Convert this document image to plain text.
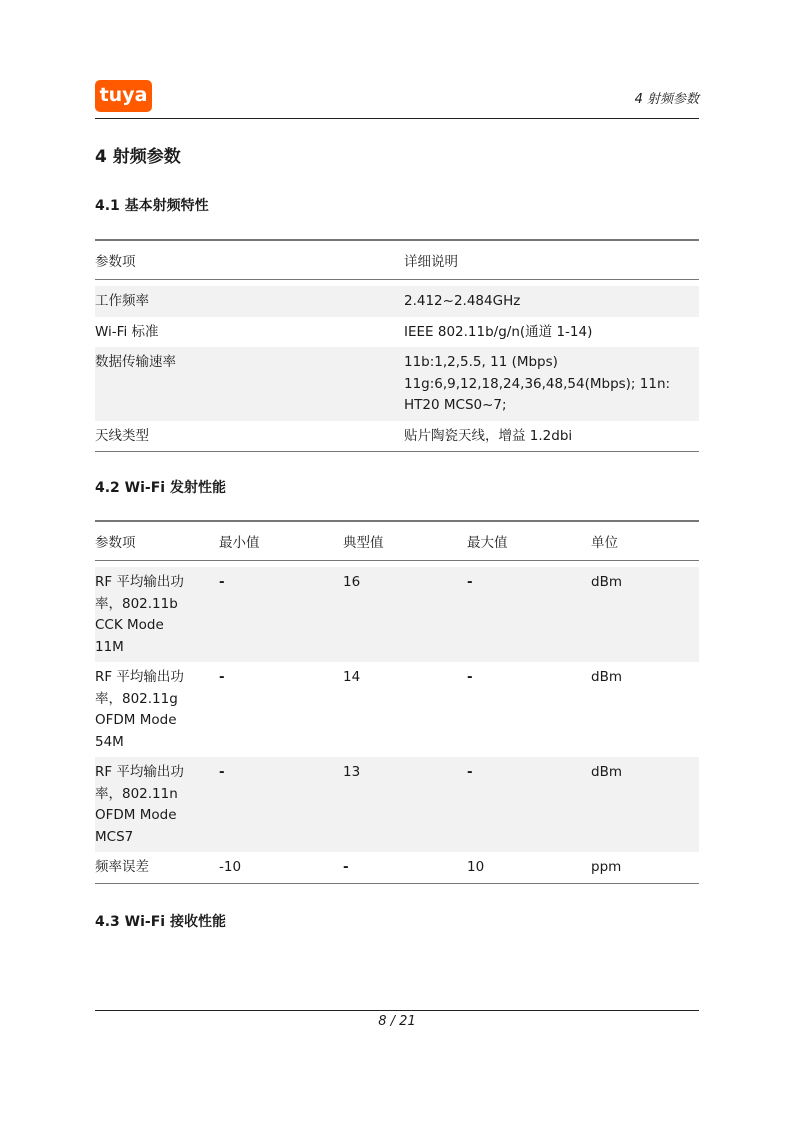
tuya	4 射频参数
4 射频参数
4.1 基本射频特性
参数项	详细说明

工作频率	2.412~2.484GHz
Wi-Fi 标准	IEEE 802.11b/g/n(通道 1-14)
数据传输速率	11b:1,2,5.5, 11 (Mbps)
11g:6,9,12,18,24,36,48,54(Mbps); 11n:
HT20 MCS0~7;

天线类型	贴片陶瓷天线，增益 1.2dbi
4.2 Wi-Fi 发射性能
参数项	最小值	典型值	最大值	单位

RF 平均输出功
率，802.11b
CCK Mode
11M	-	16	-	dBm

RF 平均输出功
率，802.11g
OFDM Mode
54M	-	14	-	dBm

RF 平均输出功
率，802.11n
OFDM Mode
MCS7	-	13	-	dBm

频率误差	-10	-	10	ppm
4.3 Wi-Fi 接收性能
8 / 21
